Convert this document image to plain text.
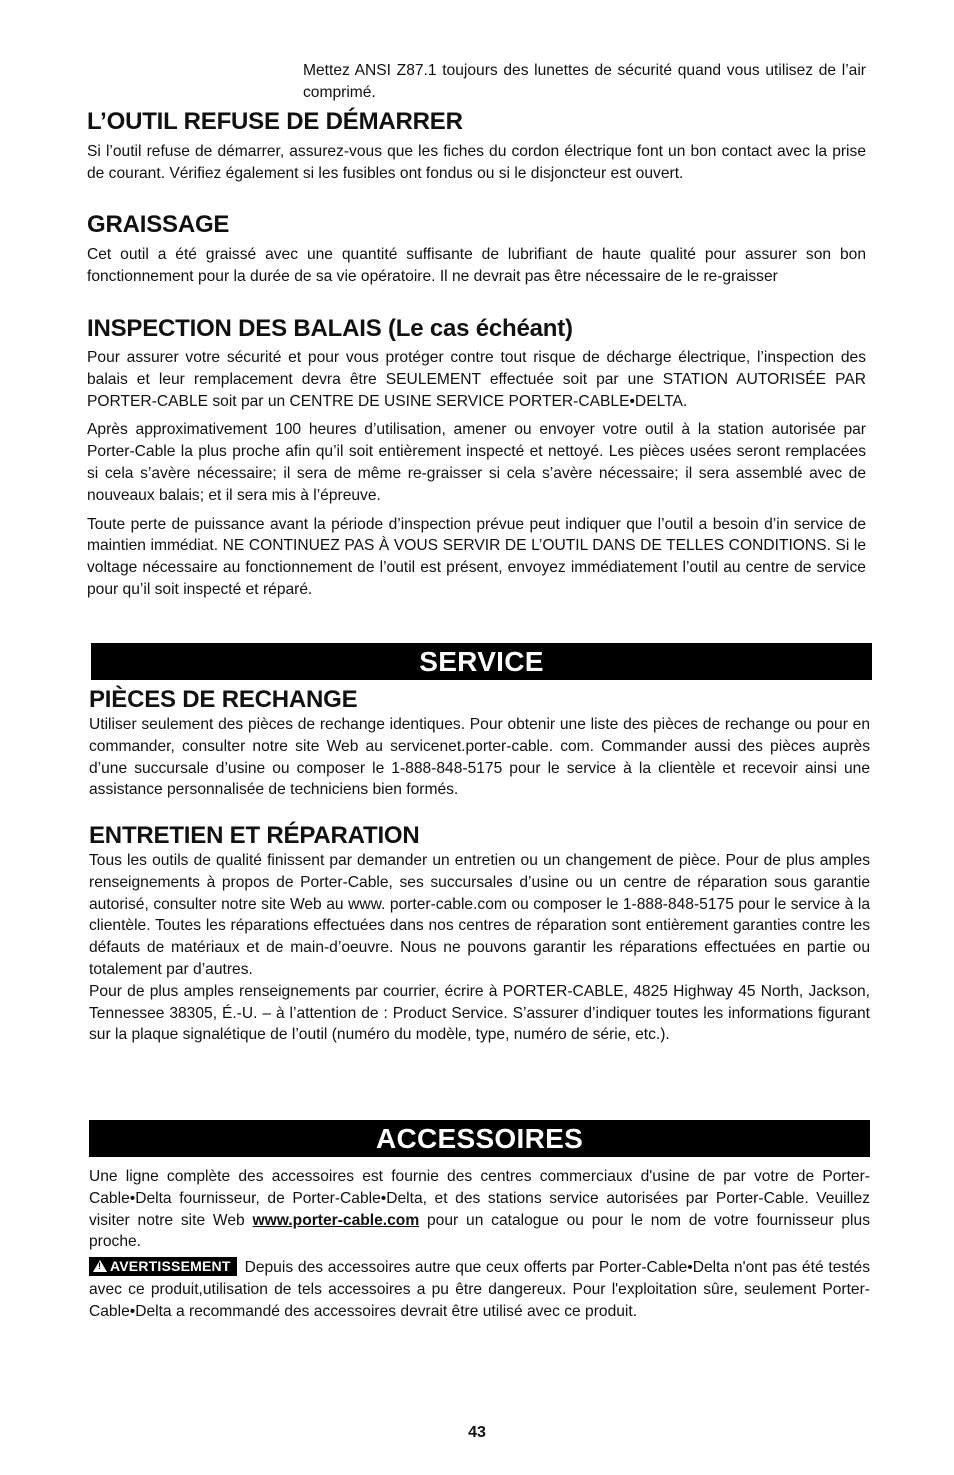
Mettez ANSI Z87.1 toujours des lunettes de sécurité quand vous utilisez de l’air comprimé.

L’OUTIL REFUSE DE DÉMARRER

Si l’outil refuse de démarrer, assurez-vous que les fiches du cordon électrique font un bon contact avec la prise de courant. Vérifiez également si les fusibles ont fondus ou si le disjoncteur est ouvert.

GRAISSAGE

Cet outil a été graissé avec une quantité suffisante de lubrifiant de haute qualité pour assurer son bon fonctionnement pour la durée de sa vie opératoire. Il ne devrait pas être nécessaire de le re-graisser

INSPECTION DES BALAIS (Le cas échéant)

Pour assurer votre sécurité et pour vous protéger contre tout risque de décharge électrique, l’inspection des balais et leur remplacement devra être SEULEMENT effectuée soit par une STATION AUTORISÉE PAR PORTER-CABLE soit par un CENTRE DE USINE SERVICE PORTER-CABLE•DELTA.

Après approximativement 100 heures d’utilisation, amener ou envoyer votre outil à la station autorisée par Porter-Cable la plus proche afin qu’il soit entièrement inspecté et nettoyé. Les pièces usées seront remplacées si cela s’avère nécessaire; il sera de même re-graisser si cela s’avère nécessaire; il sera assemblé avec de nouveaux balais; et il sera mis à l’épreuve.

Toute perte de puissance avant la période d’inspection prévue peut indiquer que l’outil a besoin d’in service de maintien immédiat. NE CONTINUEZ PAS À VOUS SERVIR DE L’OUTIL DANS DE TELLES CONDITIONS. Si le voltage nécessaire au fonctionnement de l’outil est présent, envoyez immédiatement l’outil au centre de service pour qu’il soit inspecté et réparé.

SERVICE
PIÈCES DE RECHANGE

Utiliser seulement des pièces de rechange identiques. Pour obtenir une liste des pièces de rechange ou pour en commander, consulter notre site Web au servicenet.porter-cable. com. Commander aussi des pièces auprès d’une succursale d’usine ou composer le 1-888-848-5175 pour le service à la clientèle et recevoir ainsi une assistance personnalisée de techniciens bien formés.

ENTRETIEN ET RÉPARATION

Tous les outils de qualité finissent par demander un entretien ou un changement de pièce. Pour de plus amples renseignements à propos de Porter-Cable, ses succursales d’usine ou un centre de réparation sous garantie autorisé, consulter notre site Web au www. porter-cable.com ou composer le 1-888-848-5175 pour le service à la clientèle. Toutes les réparations effectuées dans nos centres de réparation sont entièrement garanties contre les défauts de matériaux et de main-d’oeuvre. Nous ne pouvons garantir les réparations effectuées en partie ou totalement par d’autres.

Pour de plus amples renseignements par courrier, écrire à PORTER-CABLE, 4825 Highway 45 North, Jackson, Tennessee 38305, É.-U. – à l’attention de : Product Service. S’assurer d’indiquer toutes les informations figurant sur la plaque signalétique de l’outil (numéro du modèle, type, numéro de série, etc.).

ACCESSOIRES

Une ligne complète des accessoires est fournie des centres commerciaux d'usine de par votre de Porter-Cable•Delta fournisseur, de Porter-Cable•Delta, et des stations service autorisées par Porter-Cable. Veuillez visiter notre site Web www.porter-cable.com pour un catalogue ou pour le nom de votre fournisseur plus proche.

!AVERTISSEMENT Depuis des accessoires autre que ceux offerts par Porter-Cable•Delta n'ont pas été testés avec ce produit,utilisation de tels accessoires a pu être dangereux. Pour l'exploitation sûre, seulement Porter-Cable•Delta a recommandé des accessoires devrait être utilisé avec ce produit.

43
